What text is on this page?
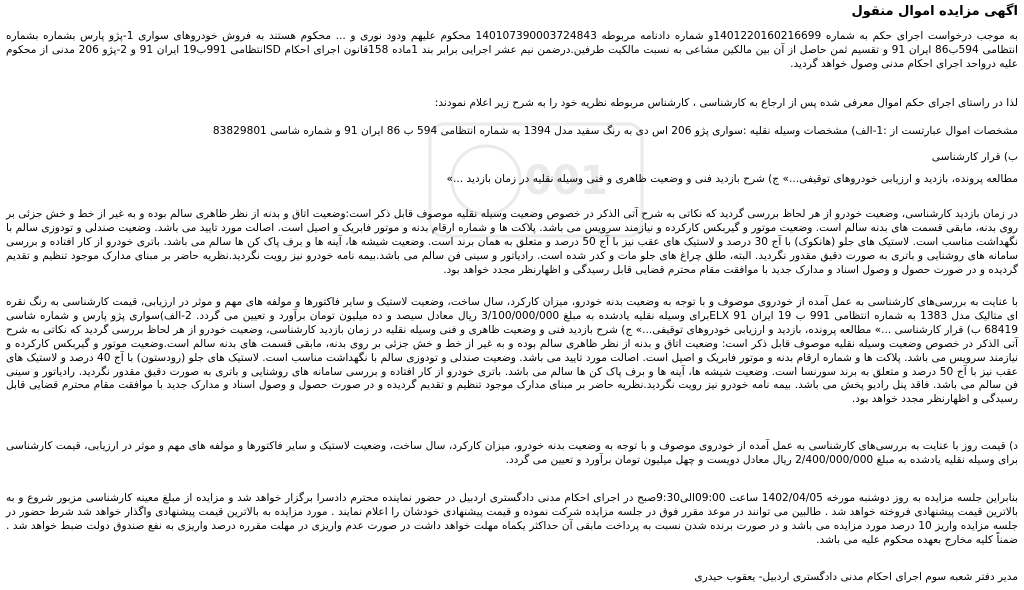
001
اگهی مزایده اموال منقول
به موجب درخواست اجرای حکم به شماره 1401220160216699و شماره دادنامه مربوطه 140107390003724843 محکوم علیهم ودود نوری و ... محکوم هستند به فروش خودروهای سواری 1-پژو پارس بشماره بشماره انتظامی 594ب86 ایران 91 و تقسیم ثمن حاصل از آن بین مالکین مشاعی به نسبت مالکیت طرفین.درضمن نیم عشر اجرایی برابر بند 1ماده 158قانون اجرای احکام SDانتظامی 991ب19 ایران 91 و 2-پژو 206 مدنی از محکوم علیه درواحد اجرای احکام مدنی وصول خواهد گردید.
لذا در راستای اجرای حکم اموال معرفی شده پس از ارجاع به کارشناسی ، کارشناس مربوطه نظریه خود را به شرح زیر اعلام نمودند:
مشخصات اموال عبارتست از :1-الف) مشخصات وسیله نقلیه :سواری پژو 206 اس دی به رنگ سفید مدل 1394 به شماره انتظامی 594 ب 86 ایران 91 و شماره شاسی 83829801
ب) قرار کارشناسی
مطالعه پرونده، بازدید و ارزیابی خودروهای توقیفی...» ج) شرح بازدید فنی و وضعیت ظاهری و فنی وسیله نقلیه در زمان بازدید ...»
در زمان بازدید کارشناسی، وضعیت خودرو از هر لحاظ بررسی گردید که نکاتی به شرح آتی الذکر در خصوص وضعیت وسیله نقلیه موصوف قابل ذکر است:وضعیت اتاق و بدنه از نظر ظاهری سالم بوده و به غیر از خط و خش جزئی بر روی بدنه، مابقی قسمت های بدنه سالم است. وضعیت موتور و گیربکس کارکرده و نیازمند سرویس می باشد. پلاکت ها و شماره ارقام بدنه و موتور فابریک و اصیل است. اصالت مورد تایید می باشد. وضعیت صندلی و تودوزی سالم با نگهداشت مناسب است. لاستیک های جلو (هانکوک) با آج 30 درصد و لاستیک های عقب نیز با آج 50 درصد و متعلق به همان برند است. وضعیت شیشه ها، آینه ها و برف پاک کن ها سالم می باشد. باتری خودرو از کار افتاده و بررسی سامانه های روشنایی و باتری به صورت دقیق مقدور نگردید. البته، طلق چراغ های جلو مات و کدر شده است. رادیاتور و سینی فن سالم می باشد.بیمه نامه خودرو نیز رویت نگردید.نظریه حاضر بر مبنای مدارک موجود تنظیم و تقدیم گردیده و در صورت حصول و وصول اسناد و مدارک جدید با موافقت مقام محترم قضایی قابل رسیدگی و اظهارنظر مجدد خواهد بود.
با عنایت به بررسی‌های کارشناسی به عمل آمده از خودروی موصوف و با توجه به وضعیت بدنه خودرو، میزان کارکرد، سال ساخت، وضعیت لاستیک و سایر فاکتورها و مولفه های مهم و موثر در ارزیابی، قیمت کارشناسی به رنگ نقره ای متالیک مدل 1383 به شماره انتظامی 991 ب 19 ایران 91 ELXبرای وسیله نقلیه یادشده به مبلغ 3/100/000/000 ریال معادل سیصد و ده میلیون تومان برآورد و تعیین می گردد. 2-الف)سواری پژو پارس و شماره شاسی 68419 ب) قرار کارشناسی ...» مطالعه پرونده، بازدید و ارزیابی خودروهای توقیفی...» ج) شرح بازدید فنی و وضعیت ظاهری و فنی وسیله نقلیه در زمان بازدید کارشناسی، وضعیت خودرو از هر لحاظ بررسی گردید که نکاتی به شرح آتی الذکر در خصوص وضعیت وسیله نقلیه موصوف قابل ذکر است: وضعیت اتاق و بدنه از نظر ظاهری سالم بوده و به غیر از خط و خش جزئی بر روی بدنه، مابقی قسمت های بدنه سالم است.وضعیت موتور و گیربکس کارکرده و نیازمند سرویس می باشد. پلاکت ها و شماره ارقام بدنه و موتور فابریک و اصیل است. اصالت مورد تایید می باشد. وضعیت صندلی و تودوزی سالم با نگهداشت مناسب است. لاستیک های جلو (رودستون) با آج 40 درصد و لاستیک های عقب نیز با آج 50 درصد و متعلق به برند سورنسا است. وضعیت شیشه ها، آینه ها و برف پاک کن ها سالم می باشد. باتری خودرو از کار افتاده و بررسی سامانه های روشنایی و باتری به صورت دقیق مقدور نگردید. رادیاتور و سینی فن سالم می باشد. فاقد پنل رادیو پخش می باشد. بیمه نامه خودرو نیز رویت نگردید.نظریه حاضر بر مبنای مدارک موجود تنظیم و تقدیم گردیده و در صورت حصول و وصول اسناد و مدارک جدید با موافقت مقام محترم قضایی قابل رسیدگی و اظهارنظر مجدد خواهد بود.
د) قیمت روز با عنایت به بررسی‌های کارشناسی به عمل آمده از خودروی موصوف و با توجه به وضعیت بدنه خودرو، میزان کارکرد، سال ساخت، وضعیت لاستیک و سایر فاکتورها و مولفه های مهم و موثر در ارزیابی، قیمت کارشناسی برای وسیله نقلیه یادشده به مبلغ 2/400/000/000 ریال معادل دویست و چهل میلیون تومان برآورد و تعیین می گردد.
بنابراین جلسه مزایده به روز دوشنبه مورخه 1402/04/05 ساعت 09:00الی9:30صبح در اجرای احکام مدنی دادگستری اردبیل در حضور نماینده محترم دادسرا برگزار خواهد شد و مزایده از مبلغ معینه کارشناسی مزبور شروع و به بالاترین قیمت پیشنهادی فروخته خواهد شد . طالبین می توانند در موعد مقرر فوق در جلسه مزایده شرکت نموده و قیمت پیشنهادی خودشان را اعلام نمایند . مورد مزایده به بالاترین قیمت پیشنهادی واگذار خواهد شد شرط حضور در جلسه مزایده واریز 10 درصد مورد مزایده می باشد و در صورت برنده شدن نسبت به پرداخت مابقی آن حداکثر یکماه مهلت خواهد داشت در صورت عدم واریزی در مهلت مقرره درصد واریزی به نفع صندوق دولت ضبط خواهد شد . ضمناً کلیه مخارج بعهده محکوم علیه می باشد.
مدیر دفتر شعبه سوم اجرای احکام مدنی دادگستری اردبیل- یعقوب حیدری
